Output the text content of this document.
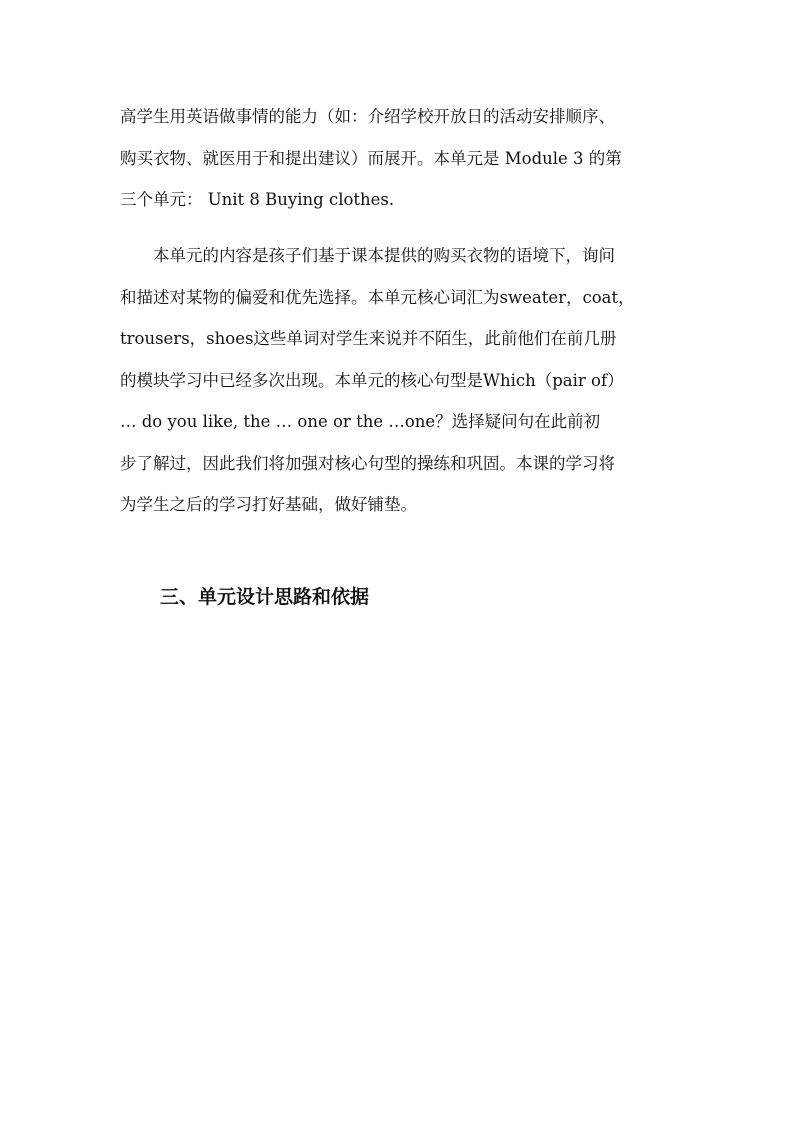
高学生用英语做事情的能力（如：介绍学校开放日的活动安排顺序、
购买衣物、就医用于和提出建议）而展开。本单元是 Module 3 的第
三个单元： Unit 8 Buying clothes.

　　本单元的内容是孩子们基于课本提供的购买衣物的语境下，询问
和描述对某物的偏爱和优先选择。本单元核心词汇为sweater，coat，
trousers，shoes这些单词对学生来说并不陌生，此前他们在前几册
的模块学习中已经多次出现。本单元的核心句型是Which（pair of）
… do you like, the … one or the …one？选择疑问句在此前初
步了解过，因此我们将加强对核心句型的操练和巩固。本课的学习将
为学生之后的学习打好基础，做好铺垫。

三、单元设计思路和依据
